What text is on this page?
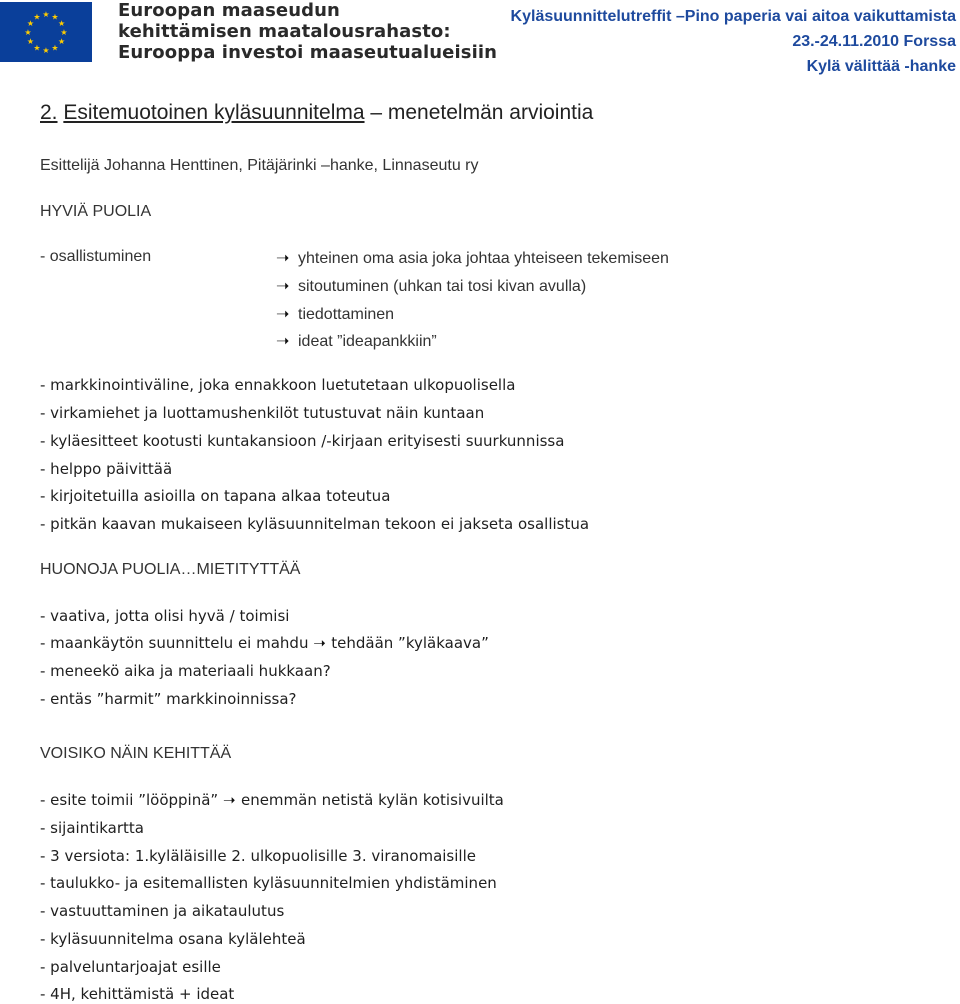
★ ★
★
★
★
★
★
★
★
★
★
★	Euroopan maaseudun
kehittämisen maatalousrahasto:
Eurooppa investoi maaseutualueisiin
Kyläsuunnittelutreffit –Pino paperia vai aitoa vaikuttamista
23.-24.11.2010 Forssa
Kylä välittää -hanke
2. Esitemuotoinen kyläsuunnitelma – menetelmän arviointia
Esittelijä Johanna Henttinen, Pitäjärinki –hanke, Linnaseutu ry
HYVIÄ PUOLIA
- osallistuminen	➝ yhteinen oma asia joka johtaa yhteiseen tekemiseen
➝ sitoutuminen (uhkan tai tosi kivan avulla)
➝ tiedottaminen
➝ ideat ”ideapankkiin”
- markkinointiväline, joka ennakkoon luetutetaan ulkopuolisella
- virkamiehet ja luottamushenkilöt tutustuvat näin kuntaan
- kyläesitteet kootusti kuntakansioon /-kirjaan erityisesti suurkunnissa
- helppo päivittää
- kirjoitetuilla asioilla on tapana alkaa toteutua
- pitkän kaavan mukaiseen kyläsuunnitelman tekoon ei jakseta osallistua
HUONOJA PUOLIA…MIETITYTTÄÄ
- vaativa, jotta olisi hyvä / toimisi
- maankäytön suunnittelu ei mahdu ➝ tehdään ”kyläkaava”
- meneekö aika ja materiaali hukkaan?
- entäs ”harmit” markkinoinnissa?
VOISIKO NÄIN KEHITTÄÄ
- esite toimii ”lööppinä” ➝ enemmän netistä kylän kotisivuilta
- sijaintikartta
- 3 versiota: 1.kyläläisille 2. ulkopuolisille 3. viranomaisille
- taulukko- ja esitemallisten kyläsuunnitelmien yhdistäminen
- vastuuttaminen ja aikataulutus
- kyläsuunnitelma osana kylälehteä
- palveluntarjoajat esille
- 4H, kehittämistä + ideat
